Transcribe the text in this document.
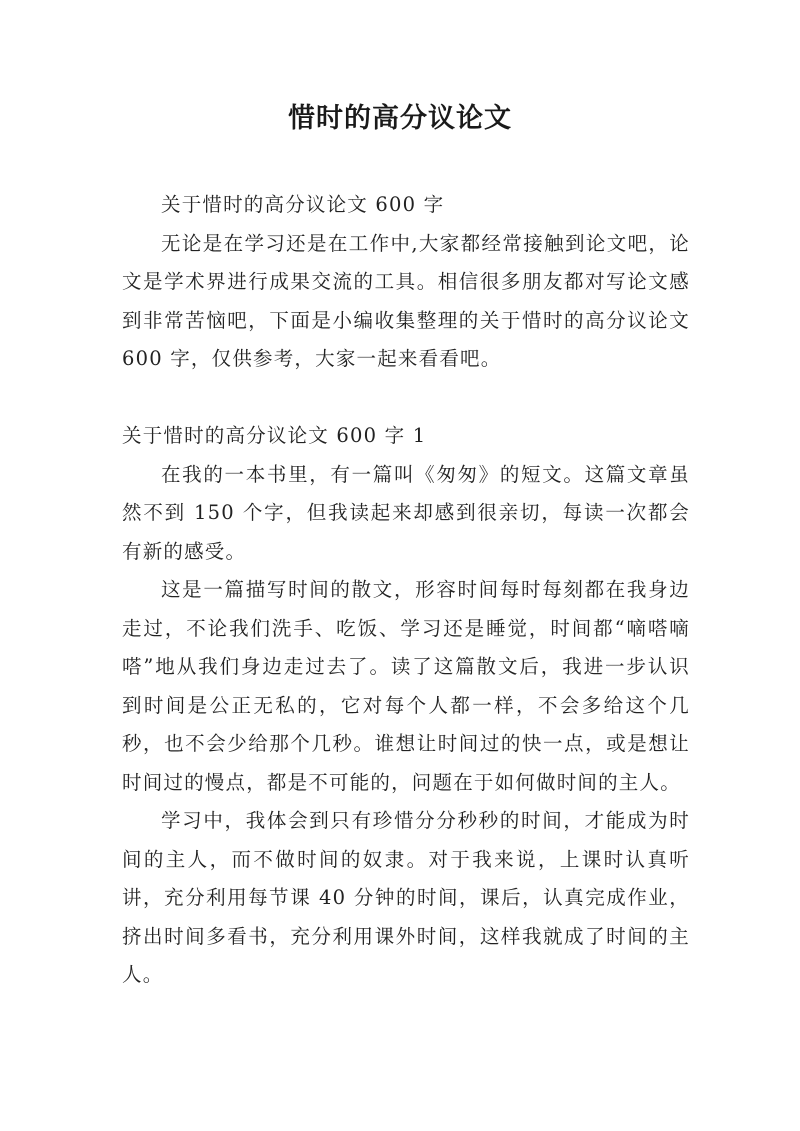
惜时的高分议论文

关于惜时的高分议论文 600 字

无论是在学习还是在工作中,大家都经常接触到论文吧，论文是学术界进行成果交流的工具。相信很多朋友都对写论文感到非常苦恼吧，下面是小编收集整理的关于惜时的高分议论文 600 字，仅供参考，大家一起来看看吧。

关于惜时的高分议论文 600 字 1

在我的一本书里，有一篇叫《匆匆》的短文。这篇文章虽然不到 150 个字，但我读起来却感到很亲切，每读一次都会有新的感受。

这是一篇描写时间的散文，形容时间每时每刻都在我身边走过，不论我们洗手、吃饭、学习还是睡觉，时间都“嘀嗒嘀嗒”地从我们身边走过去了。读了这篇散文后，我进一步认识到时间是公正无私的，它对每个人都一样，不会多给这个几秒，也不会少给那个几秒。谁想让时间过的快一点，或是想让时间过的慢点，都是不可能的，问题在于如何做时间的主人。

学习中，我体会到只有珍惜分分秒秒的时间，才能成为时间的主人，而不做时间的奴隶。对于我来说，上课时认真听讲，充分利用每节课 40 分钟的时间，课后，认真完成作业，挤出时间多看书，充分利用课外时间，这样我就成了时间的主人。
